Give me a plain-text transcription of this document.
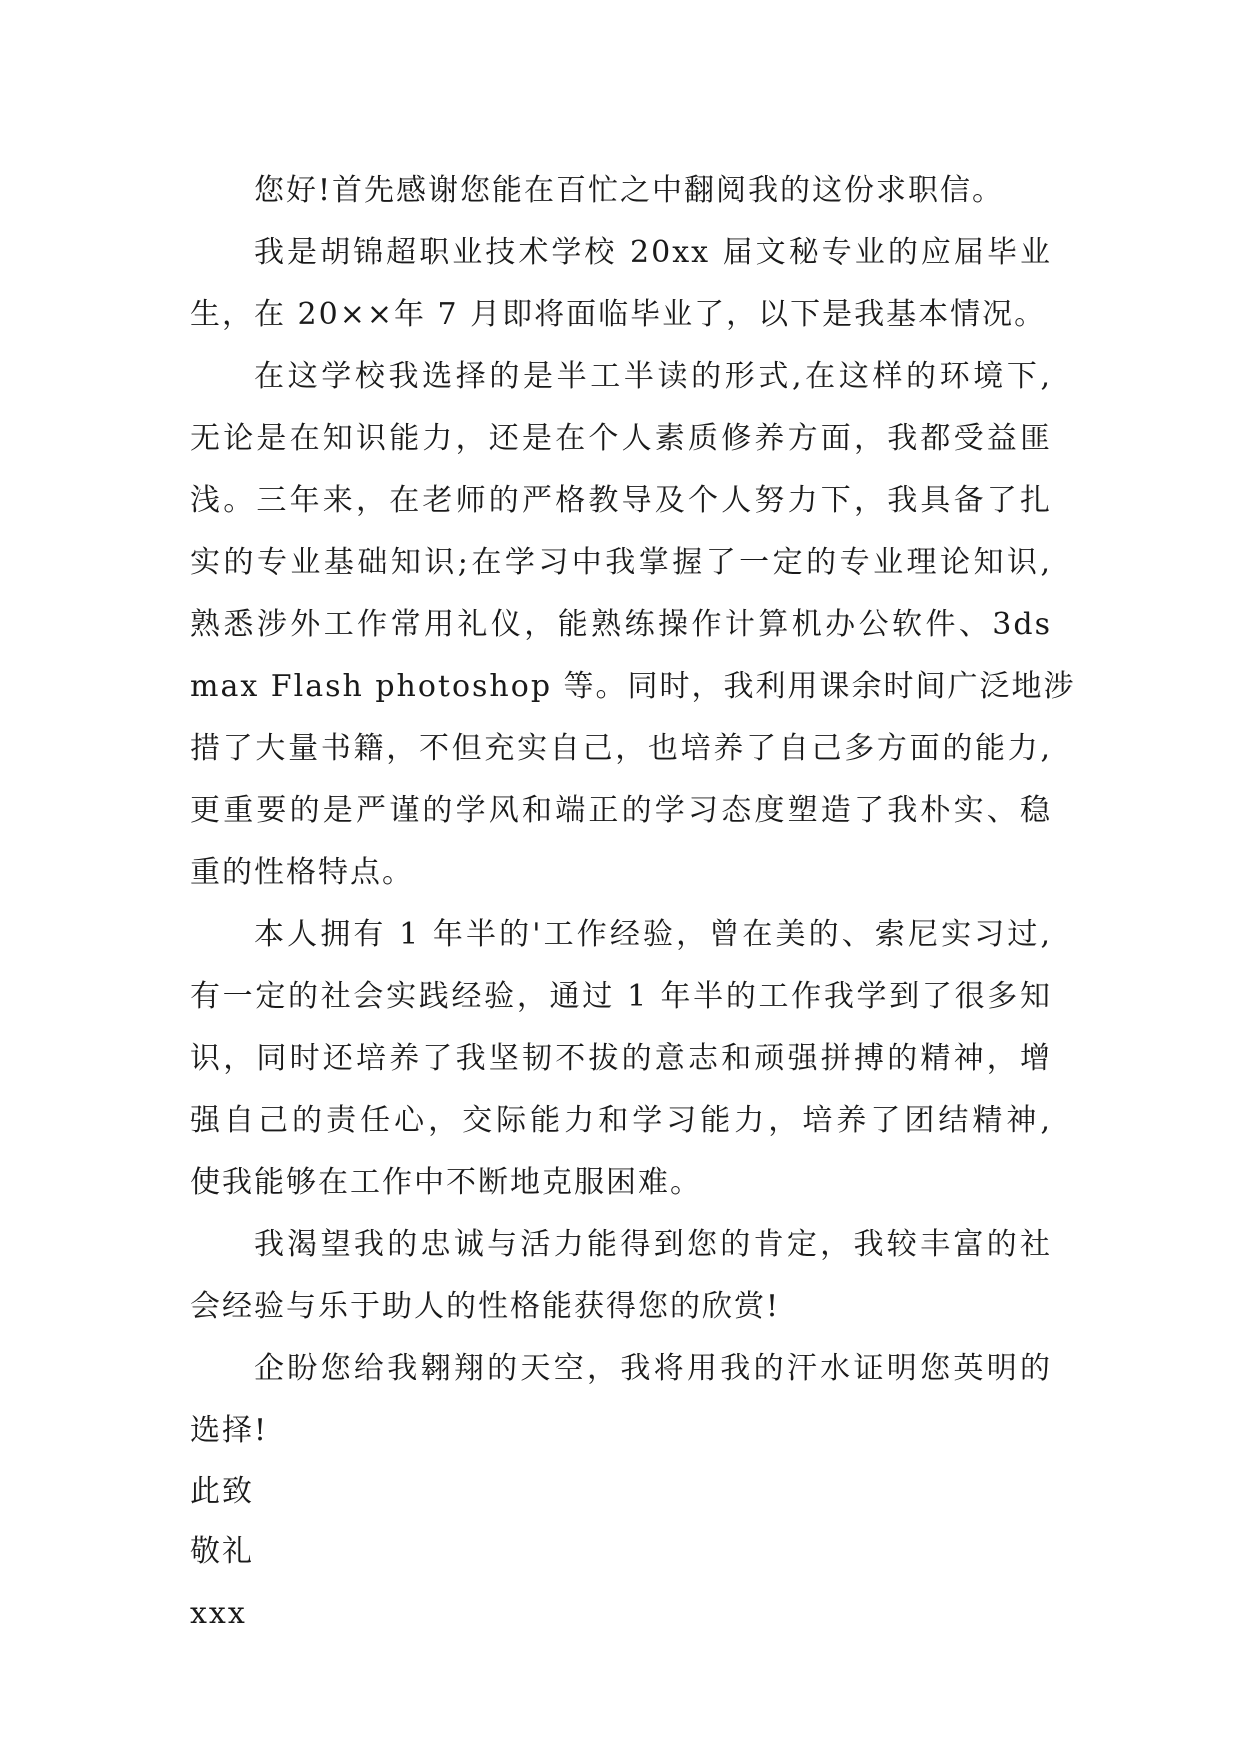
您好!首先感谢您能在百忙之中翻阅我的这份求职信。
我是胡锦超职业技术学校 20xx 届文秘专业的应届毕业
生，在 20××年 7 月即将面临毕业了，以下是我基本情况。
在这学校我选择的是半工半读的形式,在这样的环境下,
无论是在知识能力，还是在个人素质修养方面，我都受益匪
浅。三年来，在老师的严格教导及个人努力下，我具备了扎
实的专业基础知识;在学习中我掌握了一定的专业理论知识,
熟悉涉外工作常用礼仪，能熟练操作计算机办公软件、3ds
max Flash photoshop 等。同时，我利用课余时间广泛地涉
措了大量书籍，不但充实自己，也培养了自己多方面的能力,
更重要的是严谨的学风和端正的学习态度塑造了我朴实、稳
重的性格特点。
本人拥有 1 年半的'工作经验，曾在美的、索尼实习过,
有一定的社会实践经验，通过 1 年半的工作我学到了很多知
识，同时还培养了我坚韧不拔的意志和顽强拼搏的精神，增
强自己的责任心，交际能力和学习能力，培养了团结精神,
使我能够在工作中不断地克服困难。
我渴望我的忠诚与活力能得到您的肯定，我较丰富的社
会经验与乐于助人的性格能获得您的欣赏!
企盼您给我翱翔的天空，我将用我的汗水证明您英明的
选择!
此致
敬礼
xxx
